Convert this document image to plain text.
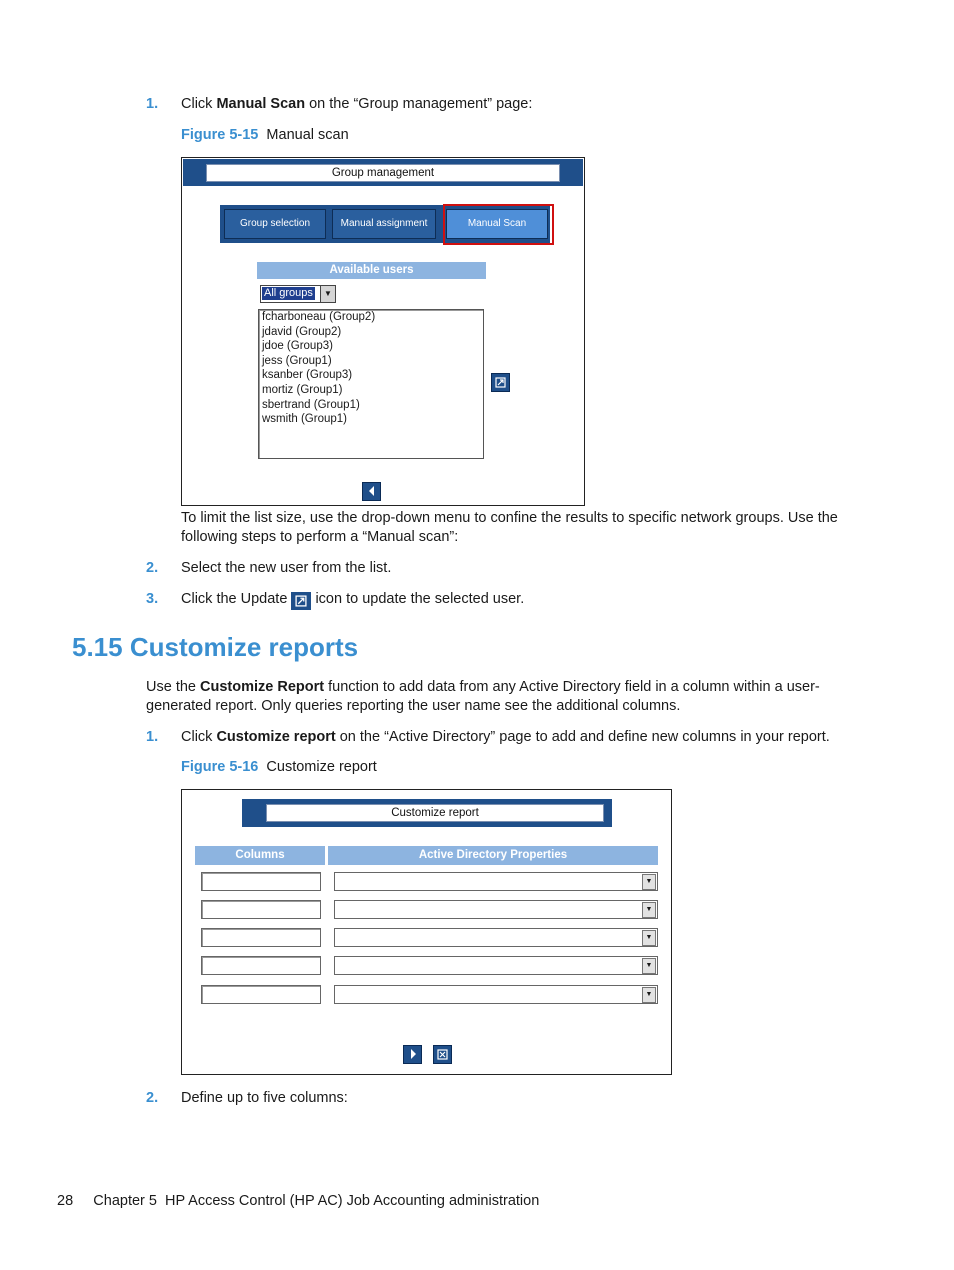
1. Click Manual Scan on the “Group management” page:
Figure 5-15 Manual scan
Group management
Group selection	Manual assignment	Manual Scan
Available users
All groups	▼
fcharboneau (Group2)
jdavid (Group2)
jdoe (Group3)
jess (Group1)
ksanber (Group3)
mortiz (Group1)
sbertrand (Group1)
wsmith (Group1)
To limit the list size, use the drop-down menu to confine the results to specific network groups. Use the following steps to perform a “Manual scan”:
2. Select the new user from the list.
3. Click the Update  icon to update the selected user.
5.15 Customize reports
Use the Customize Report function to add data from any Active Directory field in a column within a user-generated report. Only queries reporting the user name see the additional columns.
1. Click Customize report on the “Active Directory” page to add and define new columns in your report.
Figure 5-16 Customize report
Customize report
Columns	Active Directory Properties
▼
▼
▼
▼
▼
2. Define up to five columns:
28 Chapter 5  HP Access Control (HP AC) Job Accounting administration
